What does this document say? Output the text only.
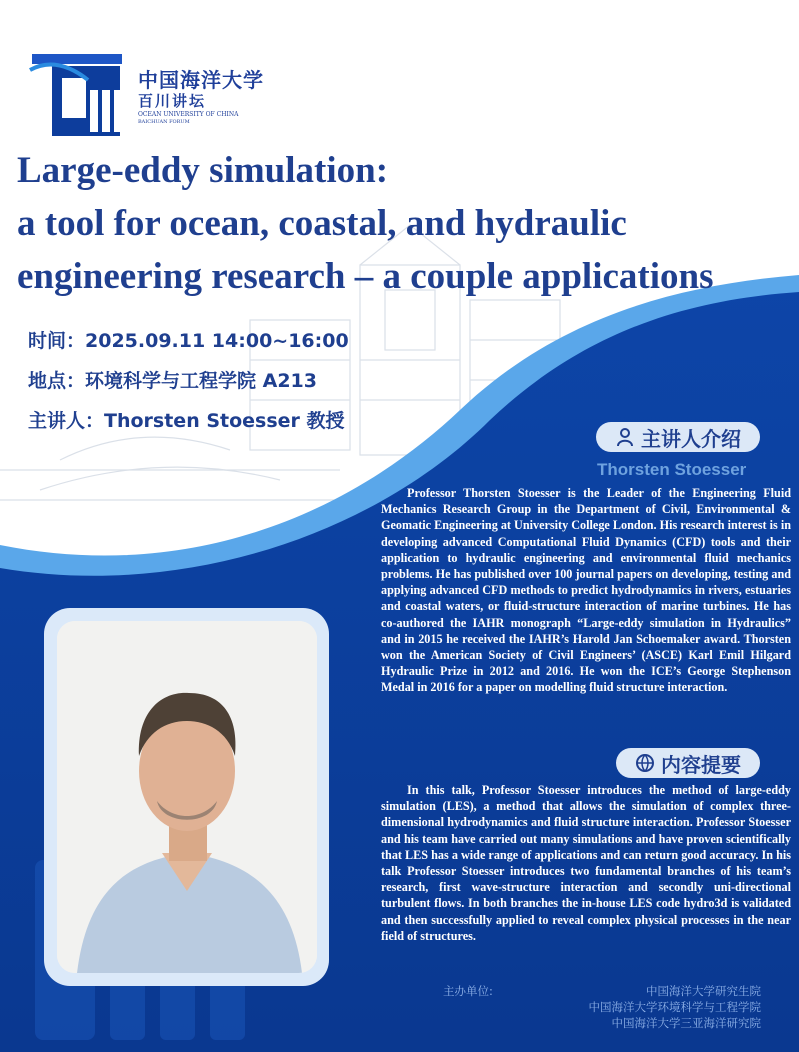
中国海洋大学
百川讲坛
OCEAN UNIVERSITY OF CHINA
BAICHUAN FORUM
Large-eddy simulation:
a tool for ocean, coastal, and hydraulic
engineering research – a couple applications
时间：2025.09.11 14:00~16:00
地点：环境科学与工程学院 A213
主讲人：Thorsten Stoesser 教授
主讲人介绍
Thorsten Stoesser
Professor Thorsten Stoesser is the Leader of the Engineering Fluid Mechanics Research Group in the Department of Civil, Environmental & Geomatic Engineering at University College London. His research interest is in developing advanced Computational Fluid Dynamics (CFD) tools and their application to hydraulic engineering and environmental fluid mechanics problems. He has published over 100 journal papers on developing, testing and applying advanced CFD methods to predict hydrodynamics in rivers, estuaries and coastal waters, or fluid-structure interaction of marine turbines. He has co-authored the IAHR monograph “Large-eddy simulation in Hydraulics” and in 2015 he received the IAHR’s Harold Jan Schoemaker award. Thorsten won the American Society of Civil Engineers’ (ASCE) Karl Emil Hilgard Hydraulic Prize in 2012 and 2016. He won the ICE’s George Stephenson Medal in 2016 for a paper on modelling fluid structure interaction.
内容提要
In this talk, Professor Stoesser introduces the method of large-eddy simulation (LES), a method that allows the simulation of complex three-dimensional hydrodynamics and fluid structure interaction. Professor Stoesser and his team have carried out many simulations and have proven scientifically that LES has a wide range of applications and can return good accuracy. In his talk Professor Stoesser introduces two fundamental branches of his team’s research, first wave-structure interaction and secondly uni-directional turbulent flows. In both branches the in-house LES code hydro3d is validated and then successfully applied to reveal complex physical processes in the near field of structures.
主办单位:	中国海洋大学研究生院
中国海洋大学环境科学与工程学院
中国海洋大学三亚海洋研究院
